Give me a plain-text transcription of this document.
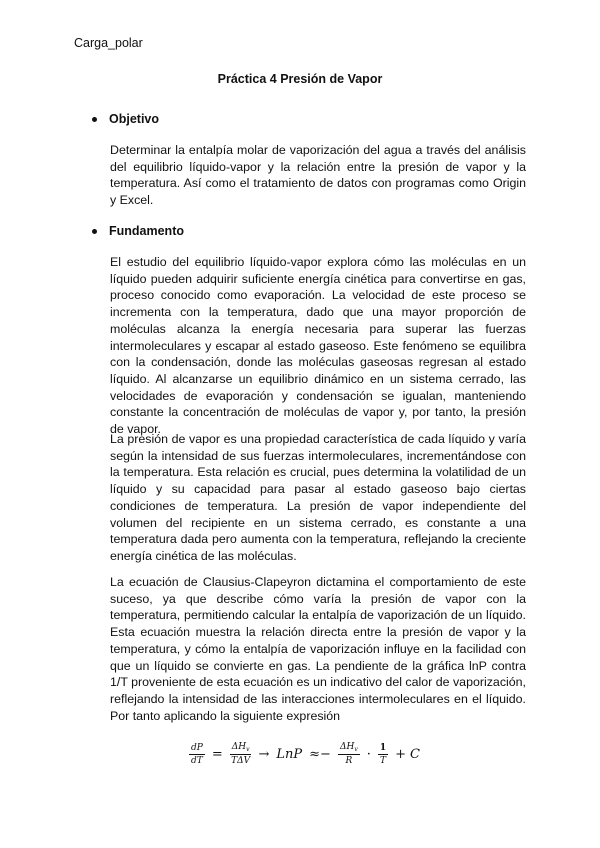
Carga_polar
Práctica 4 Presión de Vapor
Objetivo

Determinar la entalpía molar de vaporización del agua a través del análisis del equilibrio líquido-vapor y la relación entre la presión de vapor y la temperatura. Así como el tratamiento de datos con programas como Origin y Excel.

Fundamento

El estudio del equilibrio líquido-vapor explora cómo las moléculas en un líquido pueden adquirir suficiente energía cinética para convertirse en gas, proceso conocido como evaporación. La velocidad de este proceso se incrementa con la temperatura, dado que una mayor proporción de moléculas alcanza la energía necesaria para superar las fuerzas intermoleculares y escapar al estado gaseoso. Este fenómeno se equilibra con la condensación, donde las moléculas gaseosas regresan al estado líquido. Al alcanzarse un equilibrio dinámico en un sistema cerrado, las velocidades de evaporación y condensación se igualan, manteniendo constante la concentración de moléculas de vapor y, por tanto, la presión de vapor.

La presión de vapor es una propiedad característica de cada líquido y varía según la intensidad de sus fuerzas intermoleculares, incrementándose con la temperatura. Esta relación es crucial, pues determina la volatilidad de un líquido y su capacidad para pasar al estado gaseoso bajo ciertas condiciones de temperatura. La presión de vapor independiente del volumen del recipiente en un sistema cerrado, es constante a una temperatura dada pero aumenta con la temperatura, reflejando la creciente energía cinética de las moléculas.

La ecuación de Clausius-Clapeyron dictamina el comportamiento de este suceso, ya que describe cómo varía la presión de vapor con la temperatura, permitiendo calcular la entalpía de vaporización de un líquido. Esta ecuación muestra la relación directa entre la presión de vapor y la temperatura, y cómo la entalpía de vaporización influye en la facilidad con que un líquido se convierte en gas. La pendiente de la gráfica lnP contra 1/T proveniente de esta ecuación es un indicativo del calor de vaporización, reflejando la intensidad de las interacciones intermoleculares en el líquido. Por tanto aplicando la siguiente expresión

$\frac{dP}{dT} = \frac{\Delta H_v}{\text{TΔV}}$ → LnP ≈− $\frac{\Delta H_v}{R} \cdot \frac{1}{T} + C$
